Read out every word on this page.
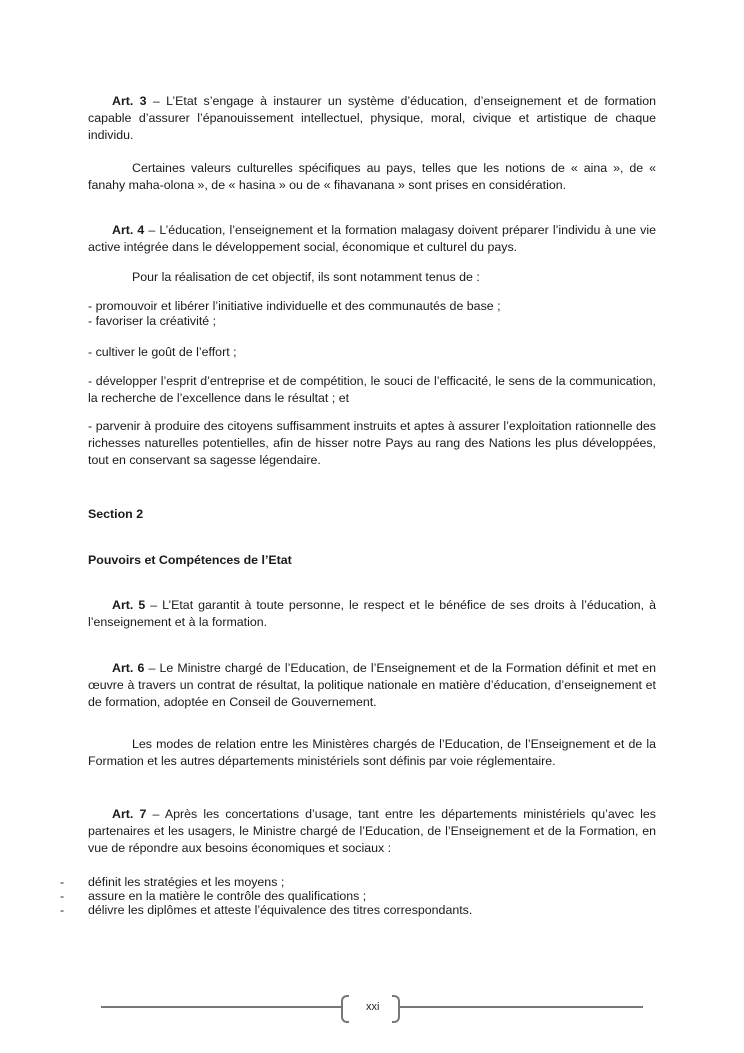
Art. 3 – L’Etat s’engage à instaurer un système d’éducation, d’enseignement et de formation capable d’assurer l’épanouissement intellectuel, physique, moral, civique et artistique de chaque individu.

Certaines valeurs culturelles spécifiques au pays, telles que les notions de « aina », de « fanahy maha-olona », de « hasina » ou de « fihavanana » sont prises en considération.

Art. 4 – L’éducation, l’enseignement et la formation malagasy doivent préparer l’individu à une vie active intégrée dans le développement social, économique et culturel du pays.

Pour la réalisation de cet objectif, ils sont notamment tenus de :

- promouvoir et libérer l’initiative individuelle et des communautés de base ;

- favoriser la créativité ;

- cultiver le goût de l’effort ;

- développer l’esprit d’entreprise et de compétition, le souci de l’efficacité, le sens de la communication, la recherche de l’excellence dans le résultat ; et

- parvenir à produire des citoyens suffisamment instruits et aptes à assurer l’exploitation rationnelle des richesses naturelles potentielles, afin de hisser notre Pays au rang des Nations les plus développées, tout en conservant sa sagesse légendaire.

Section 2

Pouvoirs et Compétences de l’Etat

Art. 5 – L’Etat garantit à toute personne, le respect et le bénéfice de ses droits à l’éducation, à l’enseignement et à la formation.

Art. 6 – Le Ministre chargé de l’Education, de l’Enseignement et de la Formation définit et met en œuvre à travers un contrat de résultat, la politique nationale en matière d’éducation, d’enseignement et de formation, adoptée en Conseil de Gouvernement.

Les modes de relation entre les Ministères chargés de l’Education, de l’Enseignement et de la Formation et les autres départements ministériels sont définis par voie réglementaire.

Art. 7 – Après les concertations d’usage, tant entre les départements ministériels qu’avec les partenaires et les usagers, le Ministre chargé de l’Education, de l’Enseignement et de la Formation, en vue de répondre aux besoins économiques et sociaux :

- définit les stratégies et les moyens ;
- assure en la matière le contrôle des qualifications ;
- délivre les diplômes et atteste l’équivalence des titres correspondants.
xxi
